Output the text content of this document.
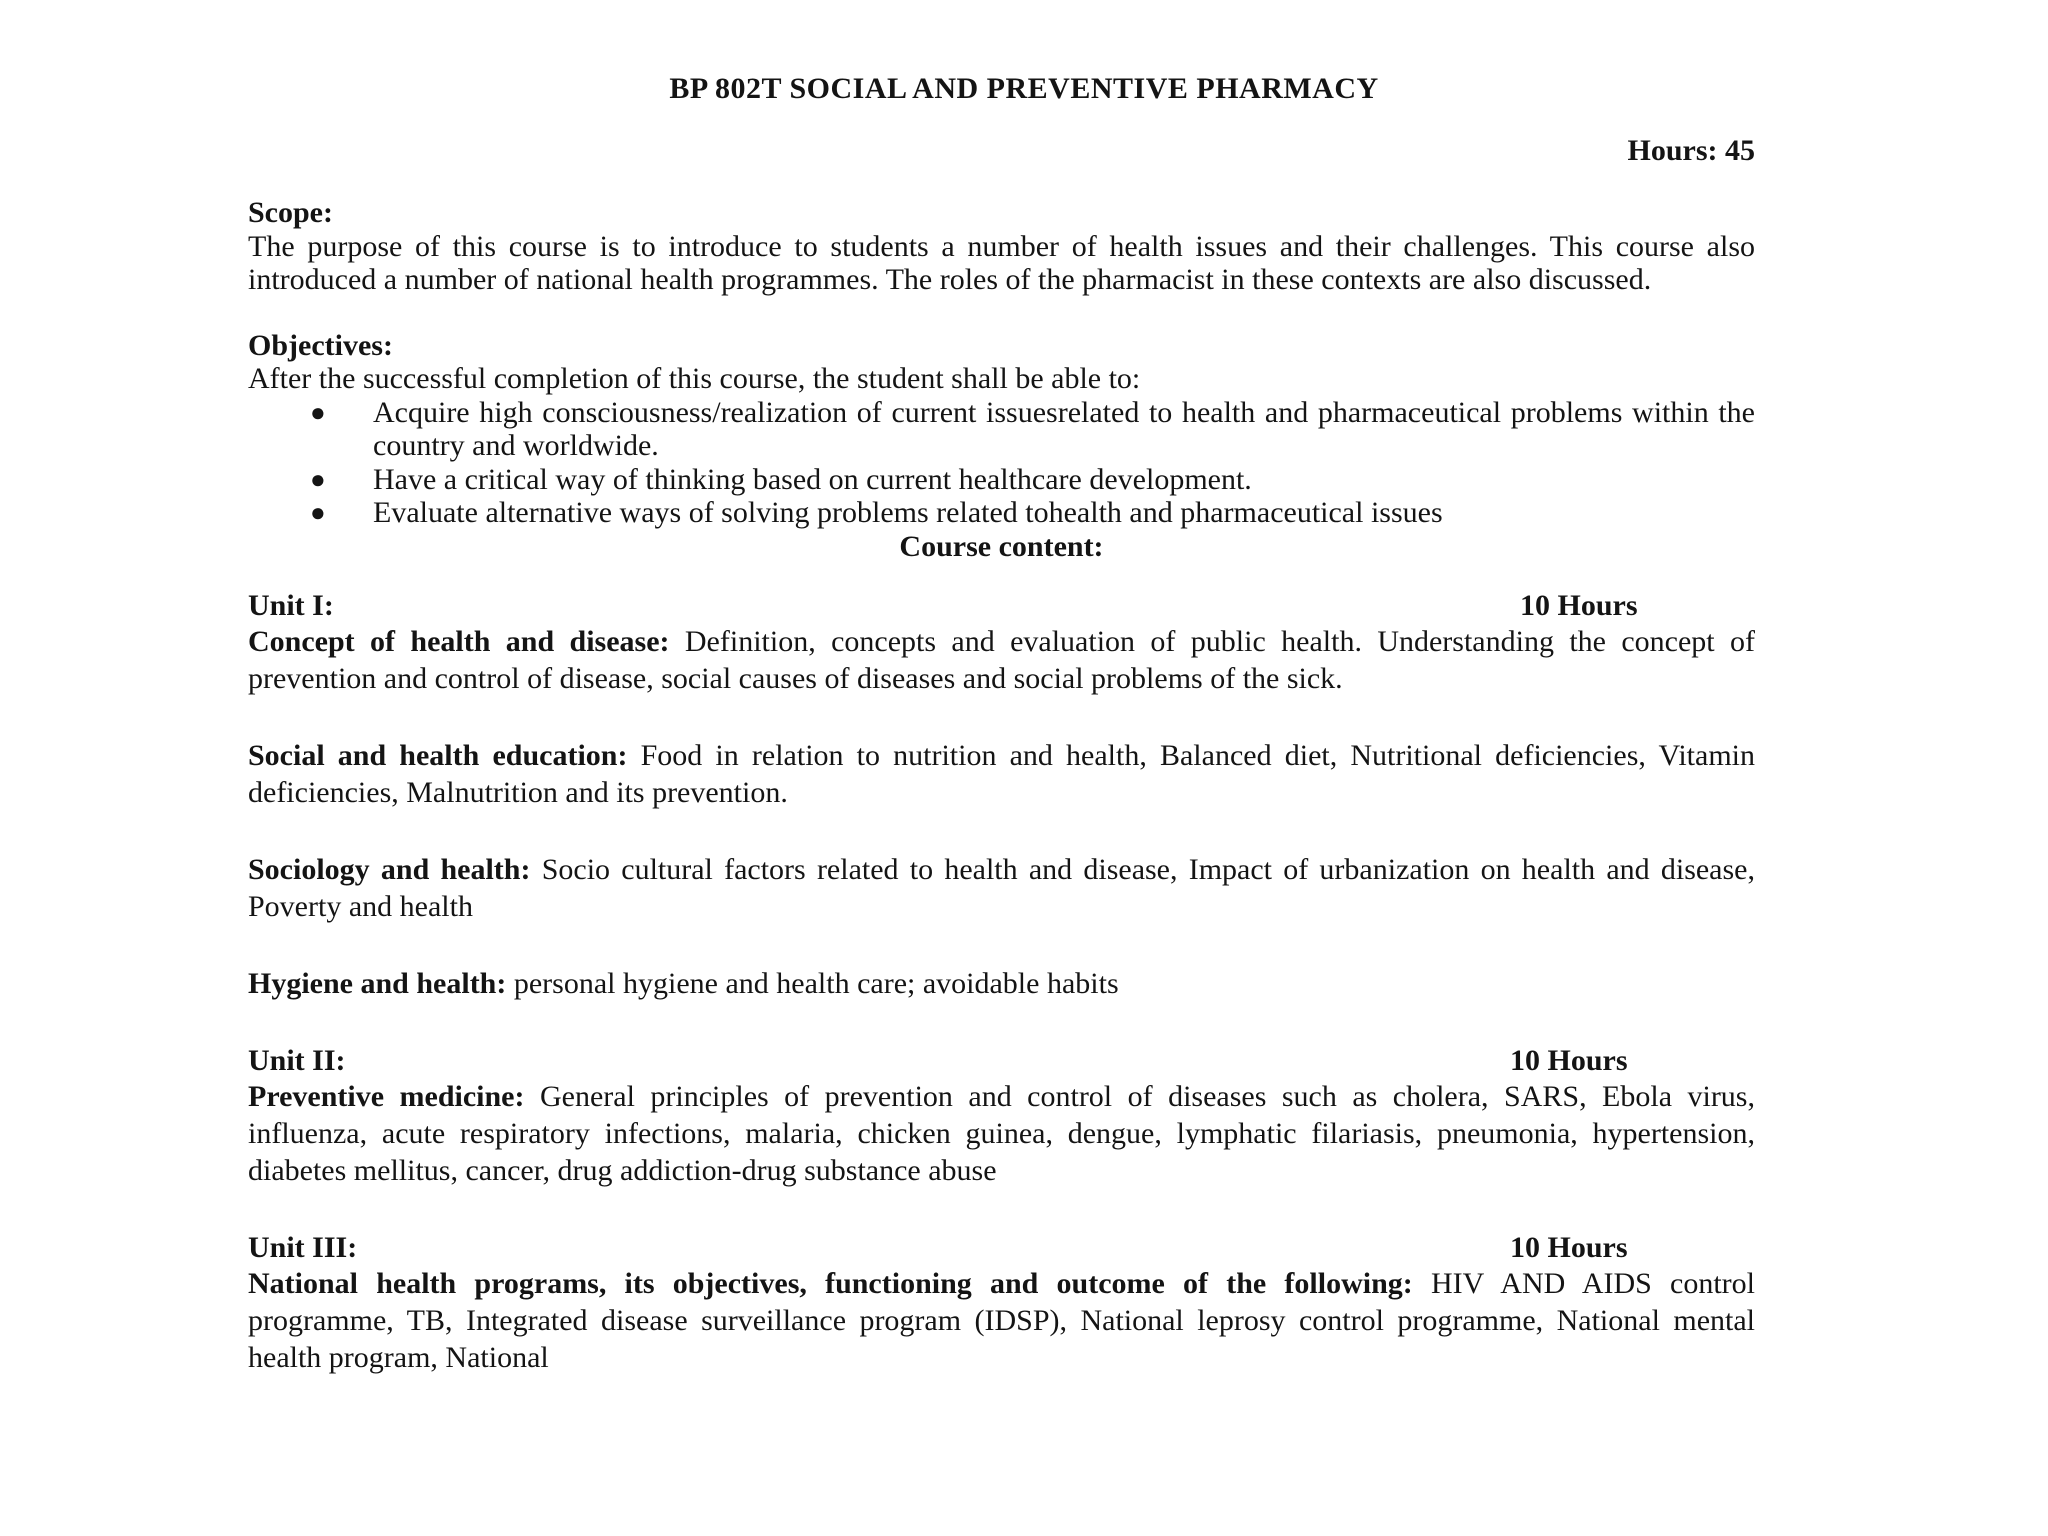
BP 802T SOCIAL AND PREVENTIVE PHARMACY

Hours: 45

Scope:

The purpose of this course is to introduce to students a number of health issues and their challenges. This course also introduced a number of national health programmes. The roles of the pharmacist in these contexts are also discussed.

Objectives:

After the successful completion of this course, the student shall be able to:

● Acquire high consciousness/realization of current issuesrelated to health and pharmaceutical problems within the country and worldwide.
● Have a critical way of thinking based on current healthcare development.
● Evaluate alternative ways of solving problems related tohealth and pharmaceutical issues

Course content:

Unit I:	10 Hours

Concept of health and disease: Definition, concepts and evaluation of public health. Understanding the concept of prevention and control of disease, social causes of diseases and social problems of the sick.

Social and health education: Food in relation to nutrition and health, Balanced diet, Nutritional deficiencies, Vitamin deficiencies, Malnutrition and its prevention.

Sociology and health: Socio cultural factors related to health and disease, Impact of urbanization on health and disease, Poverty and health

Hygiene and health: personal hygiene and health care; avoidable habits

Unit II:	10 Hours

Preventive medicine: General principles of prevention and control of diseases such as cholera, SARS, Ebola virus, influenza, acute respiratory infections, malaria, chicken guinea, dengue, lymphatic filariasis, pneumonia, hypertension, diabetes mellitus, cancer, drug addiction-drug substance abuse

Unit III:	10 Hours

National health programs, its objectives, functioning and outcome of the following: HIV AND AIDS control programme, TB, Integrated disease surveillance program (IDSP), National leprosy control programme, National mental health program, National
